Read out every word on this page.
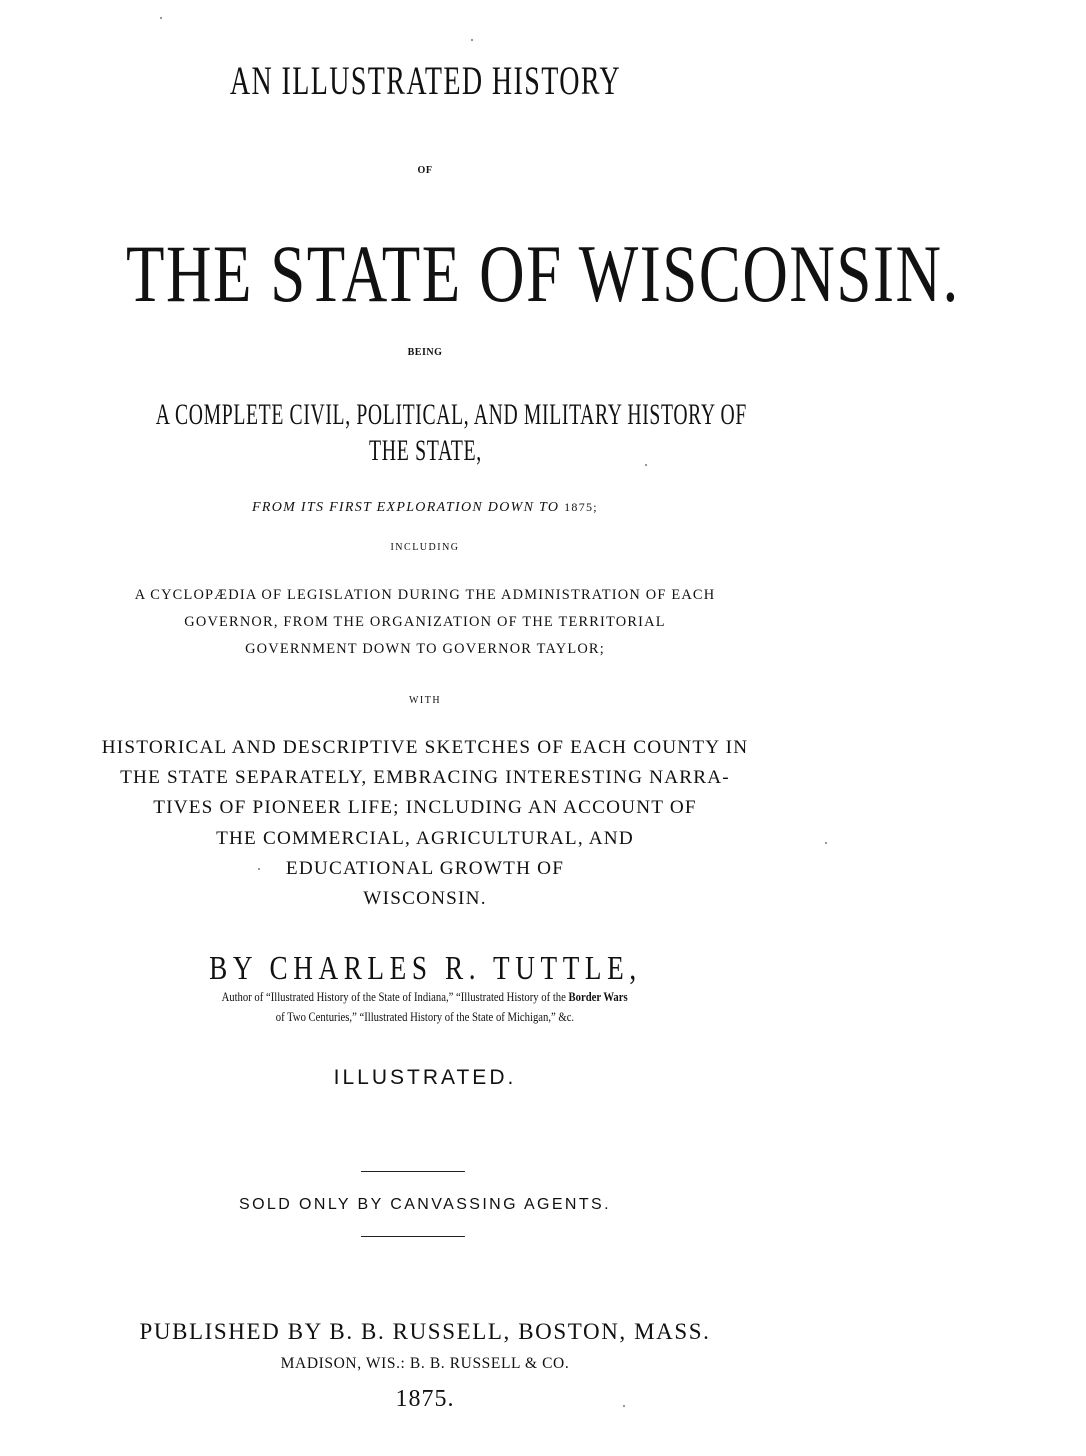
AN ILLUSTRATED HISTORY
OF
THE STATE OF WISCONSIN.
BEING
A COMPLETE CIVIL, POLITICAL, AND MILITARY HISTORY OF
THE STATE,
FROM ITS FIRST EXPLORATION DOWN TO 1875;
INCLUDING
A CYCLOPÆDIA OF LEGISLATION DURING THE ADMINISTRATION OF EACH
GOVERNOR, FROM THE ORGANIZATION OF THE TERRITORIAL
GOVERNMENT DOWN TO GOVERNOR TAYLOR;
WITH
HISTORICAL AND DESCRIPTIVE SKETCHES OF EACH COUNTY IN
THE STATE SEPARATELY, EMBRACING INTERESTING NARRA-
TIVES OF PIONEER LIFE; INCLUDING AN ACCOUNT OF
THE COMMERCIAL, AGRICULTURAL, AND
EDUCATIONAL GROWTH OF
WISCONSIN.
BY CHARLES R. TUTTLE,
Author of “Illustrated History of the State of Indiana,” “Illustrated History of the Border Wars
of Two Centuries,” “Illustrated History of the State of Michigan,” &c.
ILLUSTRATED.
SOLD ONLY BY CANVASSING AGENTS.
PUBLISHED BY B. B. RUSSELL, BOSTON, MASS.
MADISON, WIS.: B. B. RUSSELL & CO.
1875.
